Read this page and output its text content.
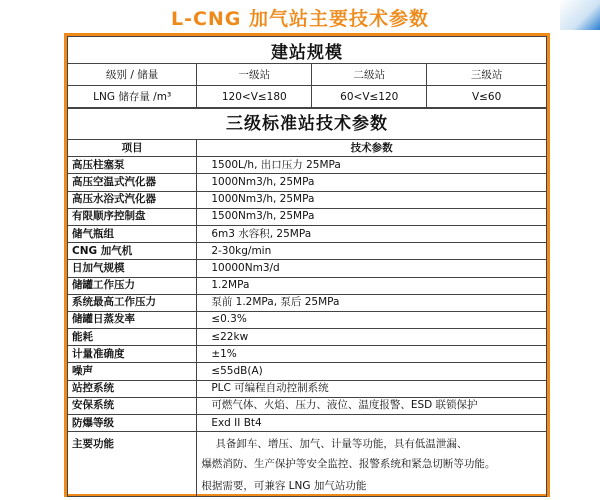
L-CNG 加气站主要技术参数
建站规模			
级别 / 储量	一级站	二级站	三级站
LNG 储存量 /m³	120<V≤180	60<V≤120	V≤60
三级标准站技术参数	
项目	技术参数
高压柱塞泵	1500L/h, 出口压力 25MPa
高压空温式汽化器	1000Nm3/h, 25MPa
高压水浴式汽化器	1000Nm3/h, 25MPa
有限顺序控制盘	1500Nm3/h, 25MPa
储气瓶组	6m3 水容积, 25MPa
CNG 加气机	2-30kg/min
日加气规模	10000Nm3/d
储罐工作压力	1.2MPa
系统最高工作压力	泵前 1.2MPa, 泵后 25MPa
储罐日蒸发率	≤0.3%
能耗	≤22kw
计量准确度	±1%
噪声	≤55dB(A)
站控系统	PLC 可编程自动控制系统
安保系统	可燃气体、火焰、压力、液位、温度报警、ESD 联锁保护
防爆等级	Exd II Bt4
主要功能	具备卸车、增压、加气、计量等功能，具有低温泄漏、
爆燃消防、生产保护等安全监控、报警系统和紧急切断等功能。
根据需要，可兼容 LNG 加气站功能
